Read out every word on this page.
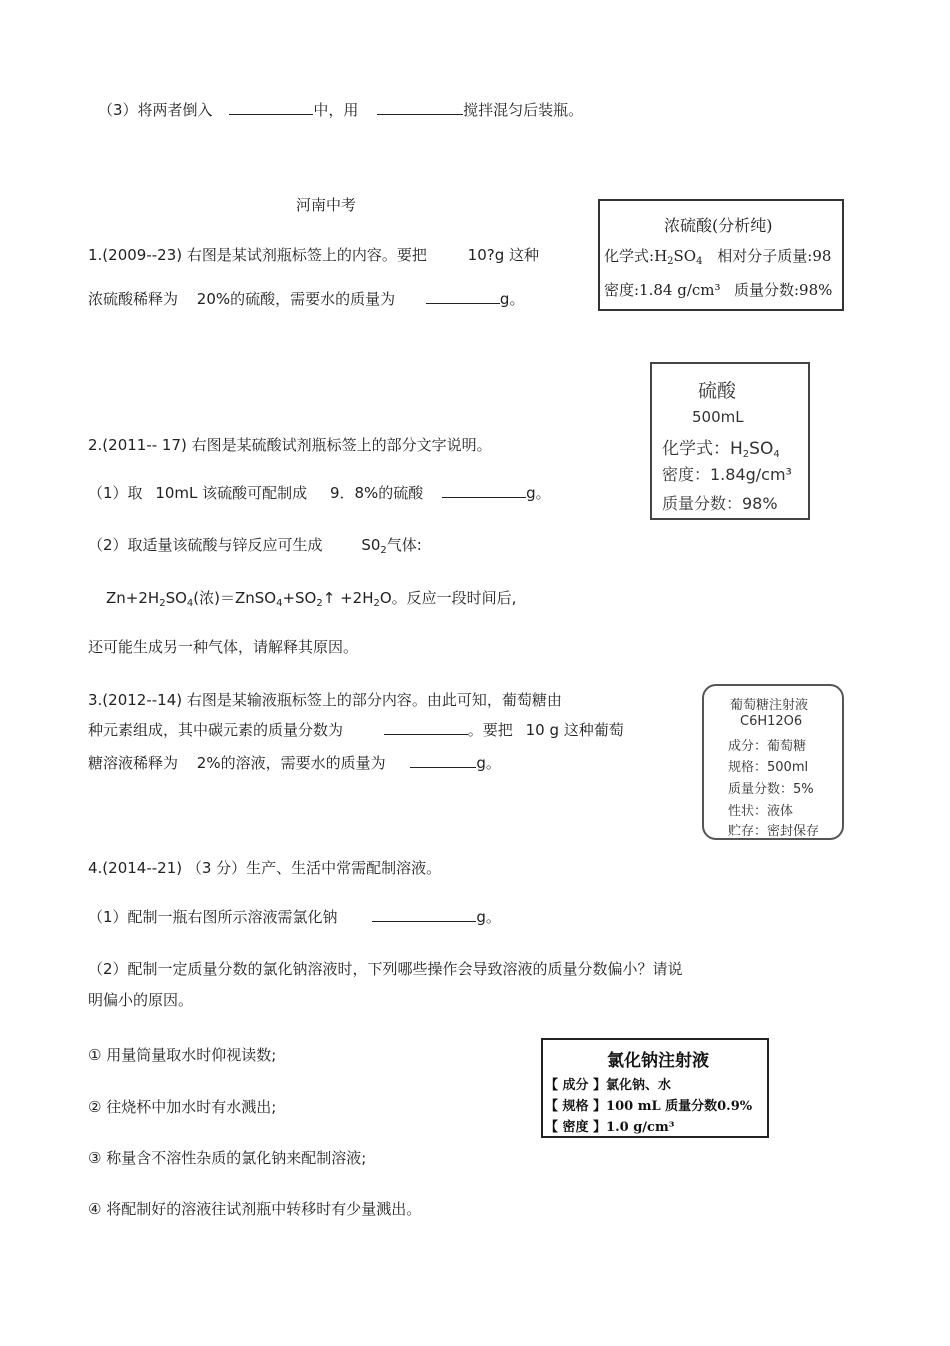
（3）将两者倒入	中，用	搅拌混匀后装瓶。
河南中考
1.(2009--23) 右图是某试剂瓶标签上的内容。要把	10?g 这种
浓硫酸稀释为 20%的硫酸，需要水的质量为	g。
浓硫酸(分析纯)
化学式$:H_2SO_4$ 相对分子质量:98
密度:1.84 g/cm³ 质量分数:98%
硫酸
500mL
化学式：$H_2SO_4$
密度：1.84g/cm³
质量分数：98%
2.(2011-- 17) 右图是某硫酸试剂瓶标签上的部分文字说明。
（1）取 10mL 该硫酸可配制成 9．8%的硫酸	g。
（2）取适量该硫酸与锌反应可生成	$S0_2$气体:
$Zn+2H_2SO_4$(浓)$=ZnSO_4+SO_2↑ +2H_2O$。反应一段时间后,
还可能生成另一种气体，请解释其原因。
3.(2012--14) 右图是某输液瓶标签上的部分内容。由此可知，葡萄糖由
种元素组成，其中碳元素的质量分数为	。要把 10 g 这种葡萄
糖溶液稀释为 2%的溶液，需要水的质量为	g。
葡萄糖注射液
C6H12O6
成分：葡萄糖
规格：500ml
质量分数：5%
性状：液体
贮存：密封保存
4.(2014--21) （3 分）生产、生活中常需配制溶液。
（1）配制一瓶右图所示溶液需氯化钠	g。
（2）配制一定质量分数的氯化钠溶液时，下列哪些操作会导致溶液的质量分数偏小？请说
明偏小的原因。
① 用量筒量取水时仰视读数;
② 往烧杯中加水时有水溅出;
③ 称量含不溶性杂质的氯化钠来配制溶液;
④ 将配制好的溶液往试剂瓶中转移时有少量溅出。
氯化钠注射液
【 成分 】氯化钠、水
【 规格 】100 mL 质量分数0.9%
【 密度 】1.0 g/cm³
